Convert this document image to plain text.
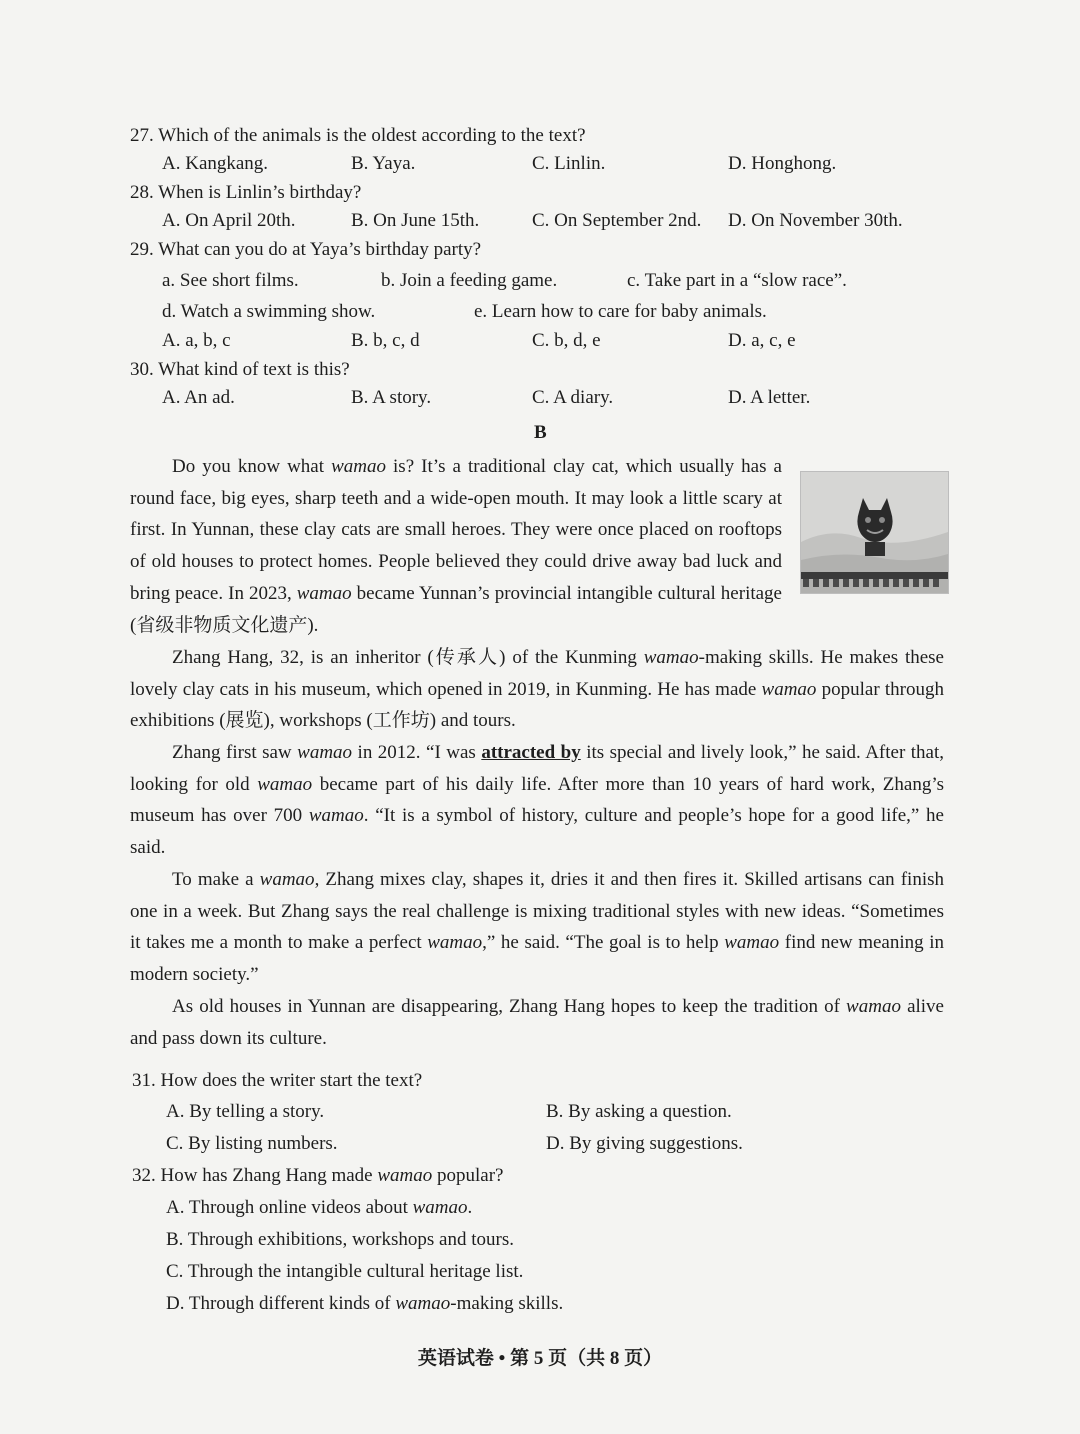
27. Which of the animals is the oldest according to the text?
A. Kangkang.	B. Yaya.	C. Linlin.	D. Honghong.
28. When is Linlin’s birthday?
A. On April 20th.	B. On June 15th.	C. On September 2nd. D. On November 30th.
29. What can you do at Yaya’s birthday party?
a. See short films.	b. Join a feeding game.	c. Take part in a “slow race”.
d. Watch a swimming show.	e. Learn how to care for baby animals.
A. a, b, c	B. b, c, d	C. b, d, e	D. a, c, e
30. What kind of text is this?
A. An ad.	B. A story.	C. A diary.	D. A letter.
B
Do you know what wamao is? It’s a traditional clay cat, which usually has a round face, big eyes, sharp teeth and a wide-open mouth. It may look a little scary at first. In Yunnan, these clay cats are small heroes. They were once placed on rooftops of old houses to protect homes. People believed they could drive away bad luck and bring peace. In 2023, wamao became Yunnan’s provincial intangible cultural heritage (省级非物质文化遗产).
Zhang Hang, 32, is an inheritor (传承人) of the Kunming wamao-making skills. He makes these lovely clay cats in his museum, which opened in 2019, in Kunming. He has made wamao popular through exhibitions (展览), workshops (工作坊) and tours.
Zhang first saw wamao in 2012. “I was attracted by its special and lively look,” he said. After that, looking for old wamao became part of his daily life. After more than 10 years of hard work, Zhang’s museum has over 700 wamao. “It is a symbol of history, culture and people’s hope for a good life,” he said.
To make a wamao, Zhang mixes clay, shapes it, dries it and then fires it. Skilled artisans can finish one in a week. But Zhang says the real challenge is mixing traditional styles with new ideas. “Sometimes it takes me a month to make a perfect wamao,” he said. “The goal is to help wamao find new meaning in modern society.”
As old houses in Yunnan are disappearing, Zhang Hang hopes to keep the tradition of wamao alive and pass down its culture.
31. How does the writer start the text?
A. By telling a story.	B. By asking a question.
C. By listing numbers.	D. By giving suggestions.
32. How has Zhang Hang made wamao popular?
A. Through online videos about wamao.
B. Through exhibitions, workshops and tours.
C. Through the intangible cultural heritage list.
D. Through different kinds of wamao-making skills.
英语试卷 • 第 5 页（共 8 页）
